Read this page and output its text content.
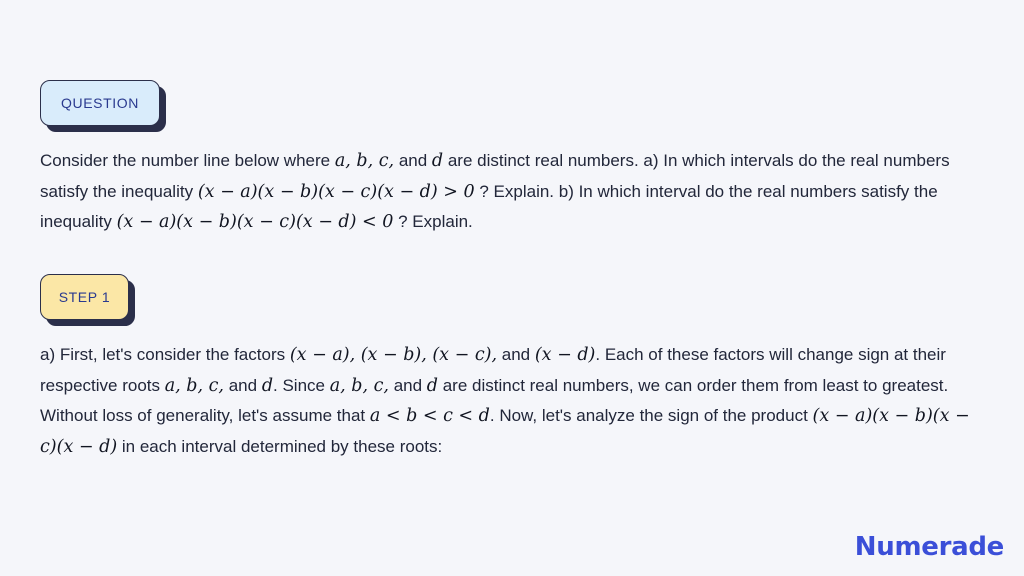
QUESTION
Consider the number line below where a, b, c, and d are distinct real numbers. a) In which intervals do the real numbers satisfy the inequality (x − a)(x − b)(x − c)(x − d) > 0 ? Explain. b) In which interval do the real numbers satisfy the inequality (x − a)(x − b)(x − c)(x − d) < 0 ? Explain.
STEP 1
a) First, let's consider the factors (x − a), (x − b), (x − c), and (x − d). Each of these factors will change sign at their respective roots a, b, c, and d. Since a, b, c, and d are distinct real numbers, we can order them from least to greatest. Without loss of generality, let's assume that a < b < c < d. Now, let's analyze the sign of the product (x − a)(x − b)(x − c)(x − d) in each interval determined by these roots:
Numerade
